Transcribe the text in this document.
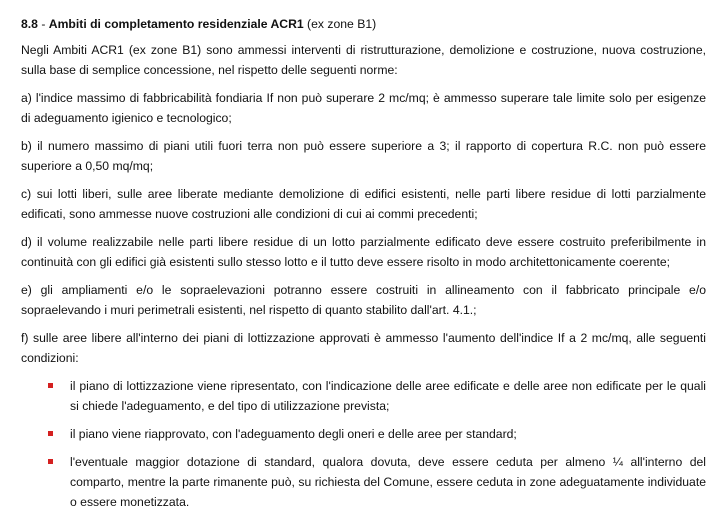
8.8 - Ambiti di completamento residenziale ACR1 (ex zone B1)

Negli Ambiti ACR1 (ex zone B1) sono ammessi interventi di ristrutturazione, demolizione e costruzione, nuova costruzione, sulla base di semplice concessione, nel rispetto delle seguenti norme:

a) l'indice massimo di fabbricabilità fondiaria If non può superare 2 mc/mq; è ammesso superare tale limite solo per esigenze di adeguamento igienico e tecnologico;

b) il numero massimo di piani utili fuori terra non può essere superiore a 3; il rapporto di copertura R.C. non può essere superiore a 0,50 mq/mq;

c) sui lotti liberi, sulle aree liberate mediante demolizione di edifici esistenti, nelle parti libere residue di lotti parzialmente edificati, sono ammesse nuove costruzioni alle condizioni di cui ai commi precedenti;

d) il volume realizzabile nelle parti libere residue di un lotto parzialmente edificato deve essere costruito preferibilmente in continuità con gli edifici già esistenti sullo stesso lotto e il tutto deve essere risolto in modo architettonicamente coerente;

e) gli ampliamenti e/o le sopraelevazioni potranno essere costruiti in allineamento con il fabbricato principale e/o sopraelevando i muri perimetrali esistenti, nel rispetto di quanto stabilito dall'art. 4.1.;

f) sulle aree libere all'interno dei piani di lottizzazione approvati è ammesso l'aumento dell'indice If a 2 mc/mq, alle seguenti condizioni:

il piano di lottizzazione viene ripresentato, con l'indicazione delle aree edificate e delle aree non edificate per le quali si chiede l'adeguamento, e del tipo di utilizzazione prevista;
il piano viene riapprovato, con l'adeguamento degli oneri e delle aree per standard;
l'eventuale maggior dotazione di standard, qualora dovuta, deve essere ceduta per almeno ¼ all'interno del comparto, mentre la parte rimanente può, su richiesta del Comune, essere ceduta in zone adeguatamente individuate o essere monetizzata.
